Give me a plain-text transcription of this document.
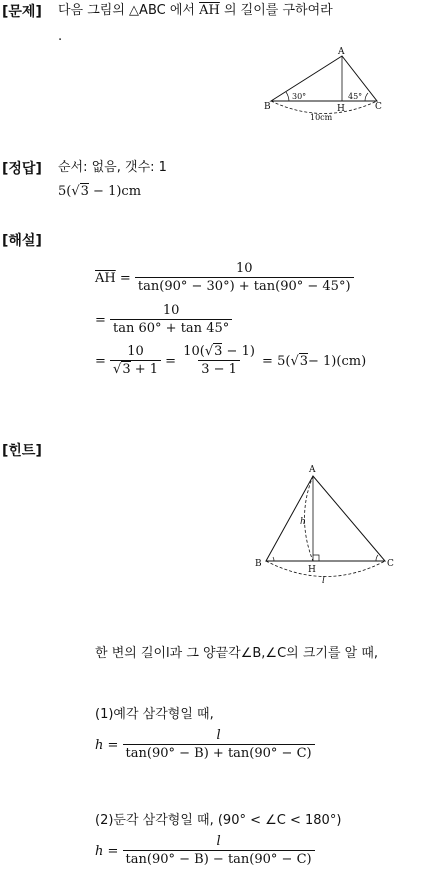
[문제] 다음 그림의 △ABC 에서 $\overline{AH}$ 의 길이를 구하여라
.
A
B	C
H
30°	45°
10cm
[정답] 순서: 없음, 갯수: 1
5(√3 − 1)cm
[해설]
$\overline{AH} = \frac{10}{\tan(90^\circ - 30^\circ) + \tan(90^\circ - 45^\circ)}$
= $\frac{10}{\tan 60^\circ + \tan 45^\circ}$
= $\frac{10}{√3 + 1} = \frac{10(√3 - 1)}{3 - 1} = 5$( √ 3 − 1)(cm)
[힌트]
A
B	C
H
h
l
한 변의 길이l과 그 양끝각∠B,∠C의 크기를 알 때,
(1)예각 삼각형일 때,
h =
$\frac{l}{\tan(90^\circ - B) + \tan(90^\circ - C)}$
(2)둔각 삼각형일 때, (90° < ∠C < 180°)
h =
$\frac{l}{\tan(90^\circ - B) - \tan(90^\circ - C)}$
